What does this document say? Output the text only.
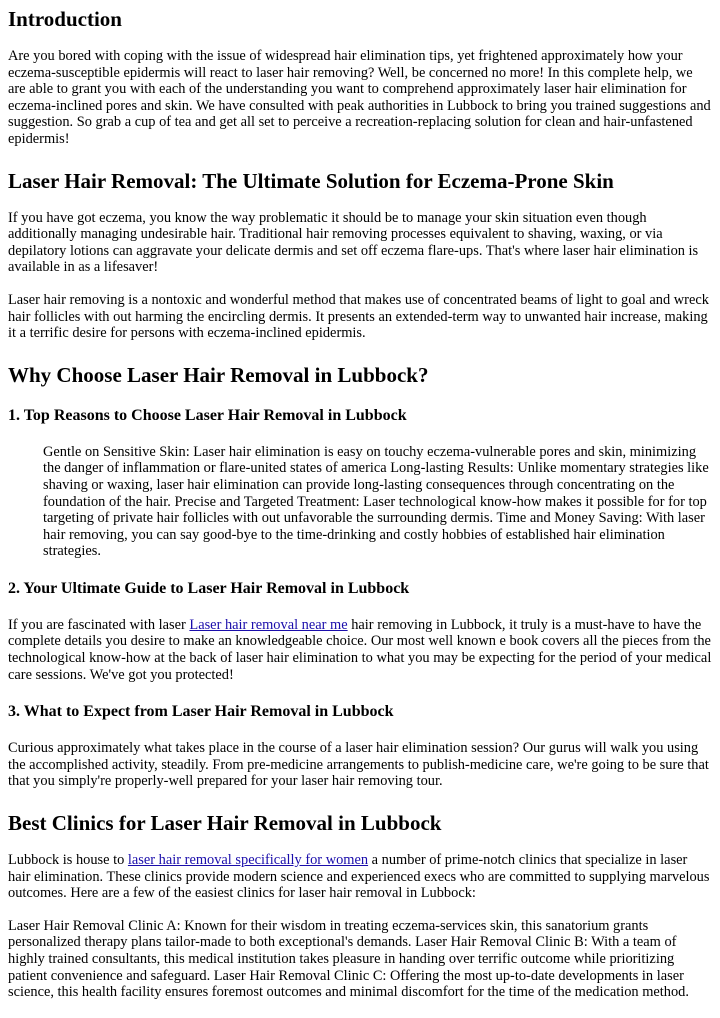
Introduction

Are you bored with coping with the issue of widespread hair elimination tips, yet frightened approximately how your eczema-susceptible epidermis will react to laser hair removing? Well, be concerned no more! In this complete help, we are able to grant you with each of the understanding you want to comprehend approximately laser hair elimination for eczema-inclined pores and skin. We have consulted with peak authorities in Lubbock to bring you trained suggestions and suggestion. So grab a cup of tea and get all set to perceive a recreation-replacing solution for clean and hair-unfastened epidermis!

Laser Hair Removal: The Ultimate Solution for Eczema-Prone Skin

If you have got eczema, you know the way problematic it should be to manage your skin situation even though additionally managing undesirable hair. Traditional hair removing processes equivalent to shaving, waxing, or via depilatory lotions can aggravate your delicate dermis and set off eczema flare-ups. That's where laser hair elimination is available in as a lifesaver!

Laser hair removing is a nontoxic and wonderful method that makes use of concentrated beams of light to goal and wreck hair follicles with out harming the encircling dermis. It presents an extended-term way to unwanted hair increase, making it a terrific desire for persons with eczema-inclined epidermis.

Why Choose Laser Hair Removal in Lubbock?
1. Top Reasons to Choose Laser Hair Removal in Lubbock

Gentle on Sensitive Skin: Laser hair elimination is easy on touchy eczema-vulnerable pores and skin, minimizing the danger of inflammation or flare-united states of america Long-lasting Results: Unlike momentary strategies like shaving or waxing, laser hair elimination can provide long-lasting consequences through concentrating on the foundation of the hair. Precise and Targeted Treatment: Laser technological know-how makes it possible for for top targeting of private hair follicles with out unfavorable the surrounding dermis. Time and Money Saving: With laser hair removing, you can say good-bye to the time-drinking and costly hobbies of established hair elimination strategies.

2. Your Ultimate Guide to Laser Hair Removal in Lubbock

If you are fascinated with laser Laser hair removal near me hair removing in Lubbock, it truly is a must-have to have the complete details you desire to make an knowledgeable choice. Our most well known e book covers all the pieces from the technological know-how at the back of laser hair elimination to what you may be expecting for the period of your medical care sessions. We've got you protected!

3. What to Expect from Laser Hair Removal in Lubbock

Curious approximately what takes place in the course of a laser hair elimination session? Our gurus will walk you using the accomplished activity, steadily. From pre-medicine arrangements to publish-medicine care, we're going to be sure that that you simply're properly-well prepared for your laser hair removing tour.

Best Clinics for Laser Hair Removal in Lubbock

Lubbock is house to laser hair removal specifically for women a number of prime-notch clinics that specialize in laser hair elimination. These clinics provide modern science and experienced execs who are committed to supplying marvelous outcomes. Here are a few of the easiest clinics for laser hair removal in Lubbock:

Laser Hair Removal Clinic A: Known for their wisdom in treating eczema-services skin, this sanatorium grants personalized therapy plans tailor-made to both exceptional's demands. Laser Hair Removal Clinic B: With a team of highly trained consultants, this medical institution takes pleasure in handing over terrific outcome while prioritizing patient convenience and safeguard. Laser Hair Removal Clinic C: Offering the most up-to-date developments in laser science, this health facility ensures foremost outcomes and minimal discomfort for the time of the medication method.
